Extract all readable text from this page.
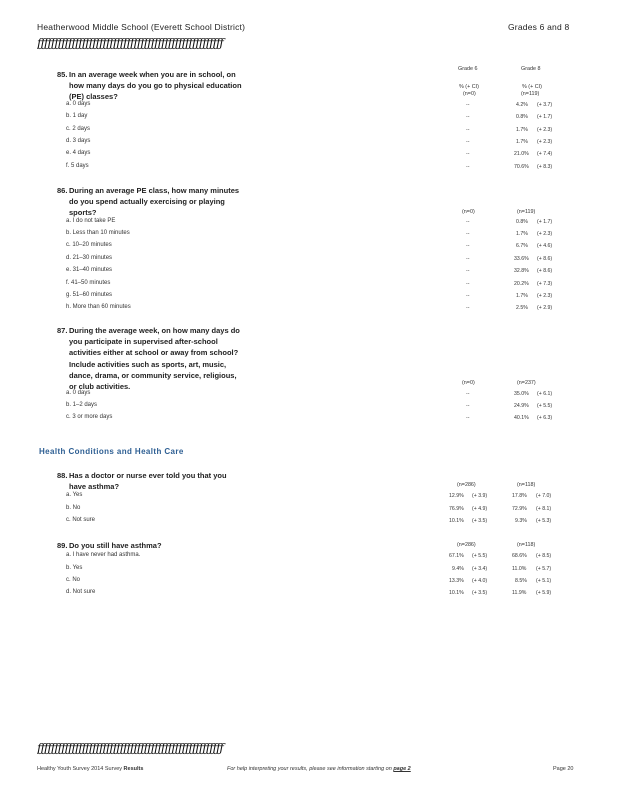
Heatherwood Middle School (Everett School District)	Grades 6 and 8
ƒƒƒƒƒƒƒƒƒƒƒƒƒƒƒƒƒƒƒƒƒƒƒƒƒƒƒƒƒƒƒƒƒƒƒƒƒƒƒƒƒƒƒƒƒƒƒƒƒƒƒƒƒƒ
Grade 6	Grade 8
% (+ CI)	% (+ CI)
85. In an average week when you are in school, on
how many days do you go to physical education
(PE) classes?	(n=0)	(n=119)
a. 0 days	--	4.2% (+ 3.7)
b. 1 day	--	0.8% (+ 1.7)
c. 2 days	--	1.7% (+ 2.3)
d. 3 days	--	1.7% (+ 2.3)
e. 4 days	--	21.0% (+ 7.4)
f. 5 days	--	70.6% (+ 8.3)
86. During an average PE class, how many minutes
do you spend actually exercising or playing
sports?	(n=0)	(n=119)
a. I do not take PE	--	0.8% (+ 1.7)
b. Less than 10 minutes	--	1.7% (+ 2.3)
c. 10–20 minutes	--	6.7% (+ 4.6)
d. 21–30 minutes	--	33.6% (+ 8.6)
e. 31–40 minutes	--	32.8% (+ 8.6)
f. 41–50 minutes	--	20.2% (+ 7.3)
g. 51–60 minutes	--	1.7% (+ 2.3)
h. More than 60 minutes	--	2.5% (+ 2.9)
87. During the average week, on how many days do
you participate in supervised after-school
activities either at school or away from school?
Include activities such as sports, art, music,
dance, drama, or community service, religious,
or club activities.	(n=0)	(n=237)
a. 0 days	--	35.0% (+ 6.1)
b. 1–2 days	--	24.9% (+ 5.5)
c. 3 or more days	--	40.1% (+ 6.3)
Health Conditions and Health Care
88. Has a doctor or nurse ever told you that you
have asthma?	(n=286)	(n=118)
a. Yes	12.9% (+ 3.9)	17.8% (+ 7.0)
b. No	76.9% (+ 4.9)	72.9% (+ 8.1)
c. Not sure	10.1% (+ 3.5)	9.3% (+ 5.3)
89. Do you still have asthma?	(n=286)	(n=118)
a. I have never had asthma.	67.1% (+ 5.5)	68.6% (+ 8.5)
b. Yes	9.4% (+ 3.4)	11.0% (+ 5.7)
c. No	13.3% (+ 4.0)	8.5% (+ 5.1)
d. Not sure	10.1% (+ 3.5)	11.9% (+ 5.9)
ƒƒƒƒƒƒƒƒƒƒƒƒƒƒƒƒƒƒƒƒƒƒƒƒƒƒƒƒƒƒƒƒƒƒƒƒƒƒƒƒƒƒƒƒƒƒƒƒƒƒƒƒƒƒ
Healthy Youth Survey 2014 Survey Results	For help interpreting your results, please see information starting on page 2	Page 20
